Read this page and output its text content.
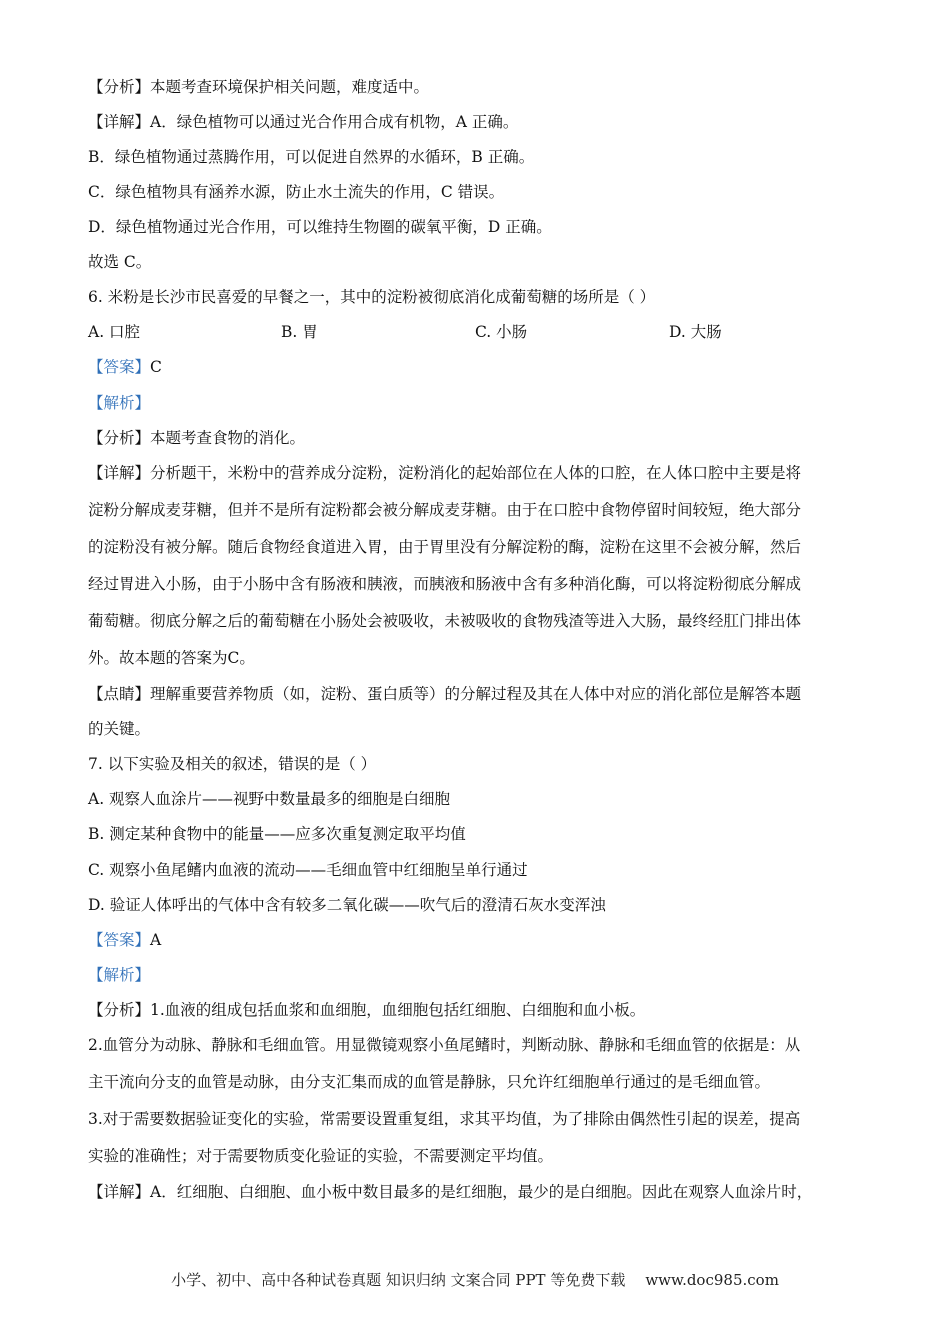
【分析】本题考查环境保护相关问题，难度适中。
【详解】A．绿色植物可以通过光合作用合成有机物，A 正确。
B．绿色植物通过蒸腾作用，可以促进自然界的水循环，B 正确。
C．绿色植物具有涵养水源，防止水土流失的作用，C 错误。
D．绿色植物通过光合作用，可以维持生物圈的碳氧平衡，D 正确。
故选 C。
6. 米粉是长沙市民喜爱的早餐之一，其中的淀粉被彻底消化成葡萄糖的场所是（ ）
A. 口腔	B. 胃	C. 小肠	D. 大肠
【答案】C
【解析】
【分析】本题考查食物的消化。
【详解】分析题干，米粉中的营养成分淀粉，淀粉消化的起始部位在人体的口腔，在人体口腔中主要是将
淀粉分解成麦芽糖，但并不是所有淀粉都会被分解成麦芽糖。由于在口腔中食物停留时间较短，绝大部分
的淀粉没有被分解。随后食物经食道进入胃，由于胃里没有分解淀粉的酶，淀粉在这里不会被分解，然后
经过胃进入小肠，由于小肠中含有肠液和胰液，而胰液和肠液中含有多种消化酶，可以将淀粉彻底分解成
葡萄糖。彻底分解之后的葡萄糖在小肠处会被吸收，未被吸收的食物残渣等进入大肠，最终经肛门排出体
外。故本题的答案为C。
【点睛】理解重要营养物质（如，淀粉、蛋白质等）的分解过程及其在人体中对应的消化部位是解答本题
的关键。
7. 以下实验及相关的叙述，错误的是（ ）
A. 观察人血涂片——视野中数量最多的细胞是白细胞
B. 测定某种食物中的能量——应多次重复测定取平均值
C. 观察小鱼尾鳍内血液的流动——毛细血管中红细胞呈单行通过
D. 验证人体呼出的气体中含有较多二氧化碳——吹气后的澄清石灰水变浑浊
【答案】A
【解析】
【分析】1.血液的组成包括血浆和血细胞，血细胞包括红细胞、白细胞和血小板。
2.血管分为动脉、静脉和毛细血管。用显微镜观察小鱼尾鳍时，判断动脉、静脉和毛细血管的依据是：从
主干流向分支的血管是动脉，由分支汇集而成的血管是静脉，只允许红细胞单行通过的是毛细血管。
3.对于需要数据验证变化的实验，常需要设置重复组，求其平均值，为了排除由偶然性引起的误差，提高
实验的准确性；对于需要物质变化验证的实验，不需要测定平均值。
【详解】A．红细胞、白细胞、血小板中数目最多的是红细胞，最少的是白细胞。因此在观察人血涂片时，
小学、初中、高中各种试卷真题 知识归纳 文案合同 PPT 等免费下载 www.doc985.com
